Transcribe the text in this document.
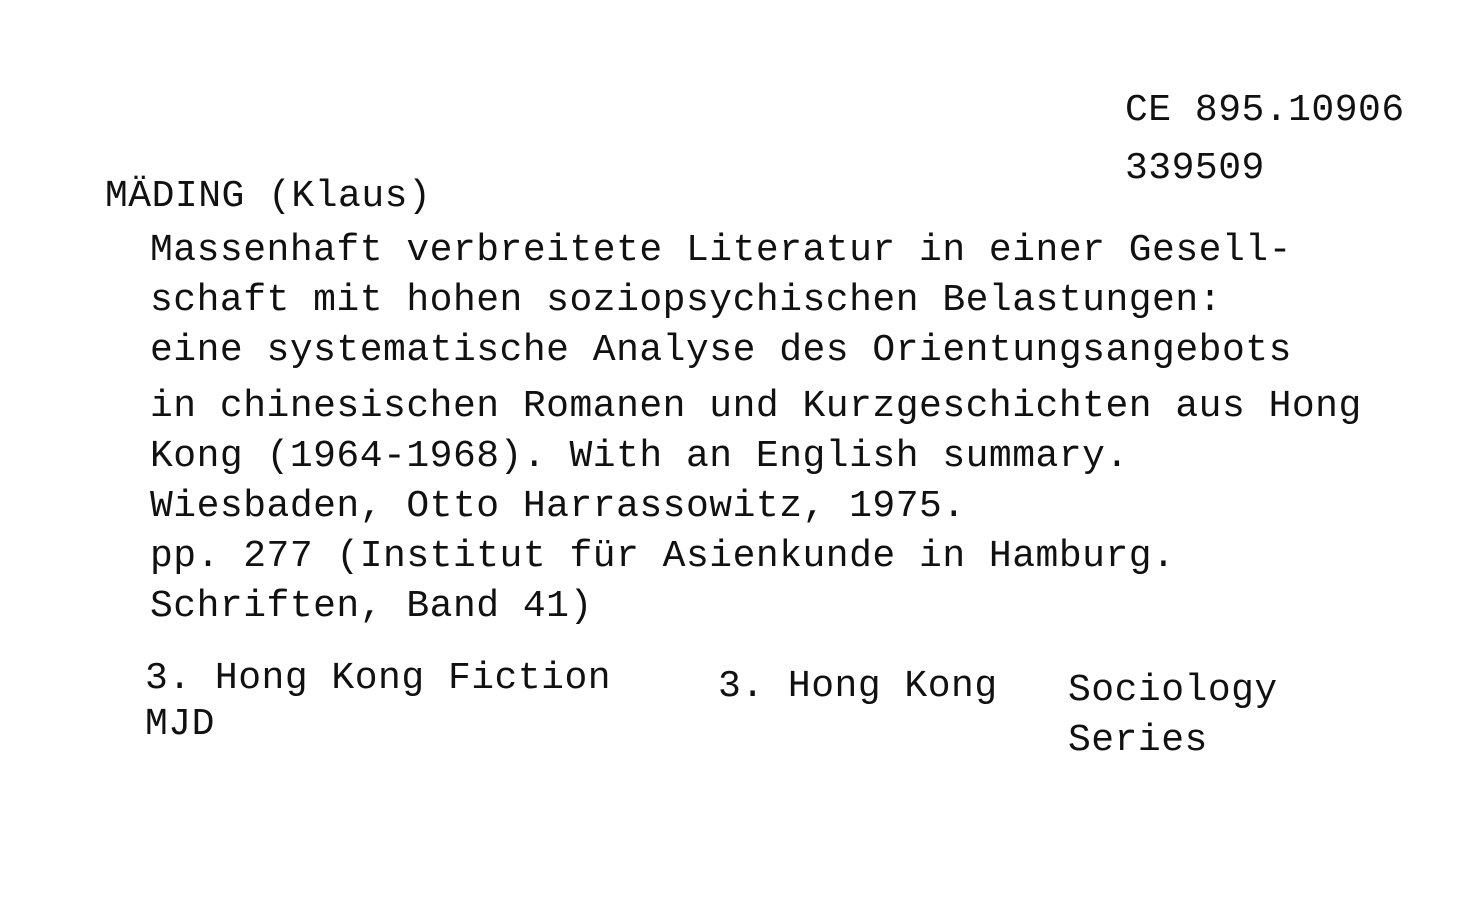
CE 895.10906
339509
MÄDING (Klaus)
Massenhaft verbreitete Literatur in einer Gesell-
schaft mit hohen soziopsychischen Belastungen:
eine systematische Analyse des Orientungsangebots
in chinesischen Romanen und Kurzgeschichten aus Hong
Kong (1964-1968). With an English summary.
Wiesbaden, Otto Harrassowitz, 1975.
pp. 277 (Institut für Asienkunde in Hamburg.
Schriften, Band 41)
3. Hong Kong Fiction	3. Hong Kong Sociology
Series
MJD
